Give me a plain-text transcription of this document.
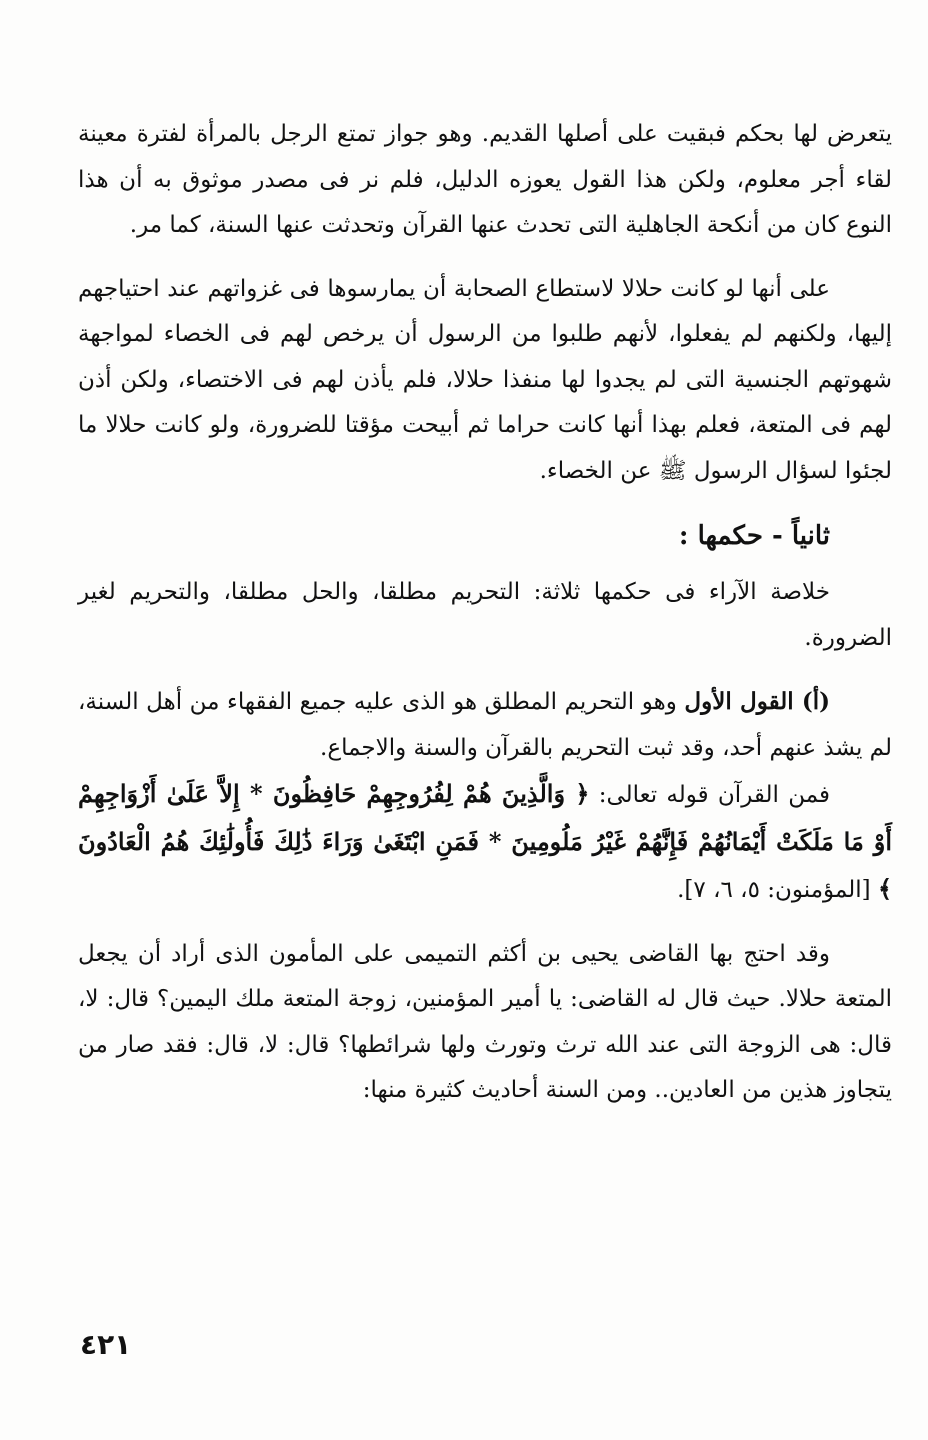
يتعرض لها بحكم فبقيت على أصلها القديم. وهو جواز تمتع الرجل بالمرأة لفترة معينة لقاء أجر معلوم، ولكن هذا القول يعوزه الدليل، فلم نر فى مصدر موثوق به أن هذا النوع كان من أنكحة الجاهلية التى تحدث عنها القرآن وتحدثت عنها السنة، كما مر.

على أنها لو كانت حلالا لاستطاع الصحابة أن يمارسوها فى غزواتهم عند احتياجهم إليها، ولكنهم لم يفعلوا، لأنهم طلبوا من الرسول أن يرخص لهم فى الخصاء لمواجهة شهوتهم الجنسية التى لم يجدوا لها منفذا حلالا، فلم يأذن لهم فى الاختصاء، ولكن أذن لهم فى المتعة، فعلم بهذا أنها كانت حراما ثم أبيحت مؤقتا للضرورة، ولو كانت حلالا ما لجئوا لسؤال الرسول ﷺ عن الخصاء.

ثانياً - حكمها :

خلاصة الآراء فى حكمها ثلاثة: التحريم مطلقا، والحل مطلقا، والتحريم لغير الضرورة.

(أ) القول الأول وهو التحريم المطلق هو الذى عليه جميع الفقهاء من أهل السنة، لم يشذ عنهم أحد، وقد ثبت التحريم بالقرآن والسنة والاجماع.

فمن القرآن قوله تعالى: ﴿ وَالَّذِينَ هُمْ لِفُرُوجِهِمْ حَافِظُونَ * إِلاَّ عَلَىٰ أَزْوَاجِهِمْ أَوْ مَا مَلَكَتْ أَيْمَانُهُمْ فَإِنَّهُمْ غَيْرُ مَلُومِينَ * فَمَنِ ابْتَغَىٰ وَرَاءَ ذَٰلِكَ فَأُولَٰئِكَ هُمُ الْعَادُونَ ﴾ [المؤمنون: ٥، ٦، ٧].

وقد احتج بها القاضى يحيى بن أكثم التميمى على المأمون الذى أراد أن يجعل المتعة حلالا. حيث قال له القاضى: يا أمير المؤمنين، زوجة المتعة ملك اليمين؟ قال: لا، قال: هى الزوجة التى عند الله ترث وتورث ولها شرائطها؟ قال: لا، قال: فقد صار من يتجاوز هذين من العادين.. ومن السنة أحاديث كثيرة منها:

٤٢١
